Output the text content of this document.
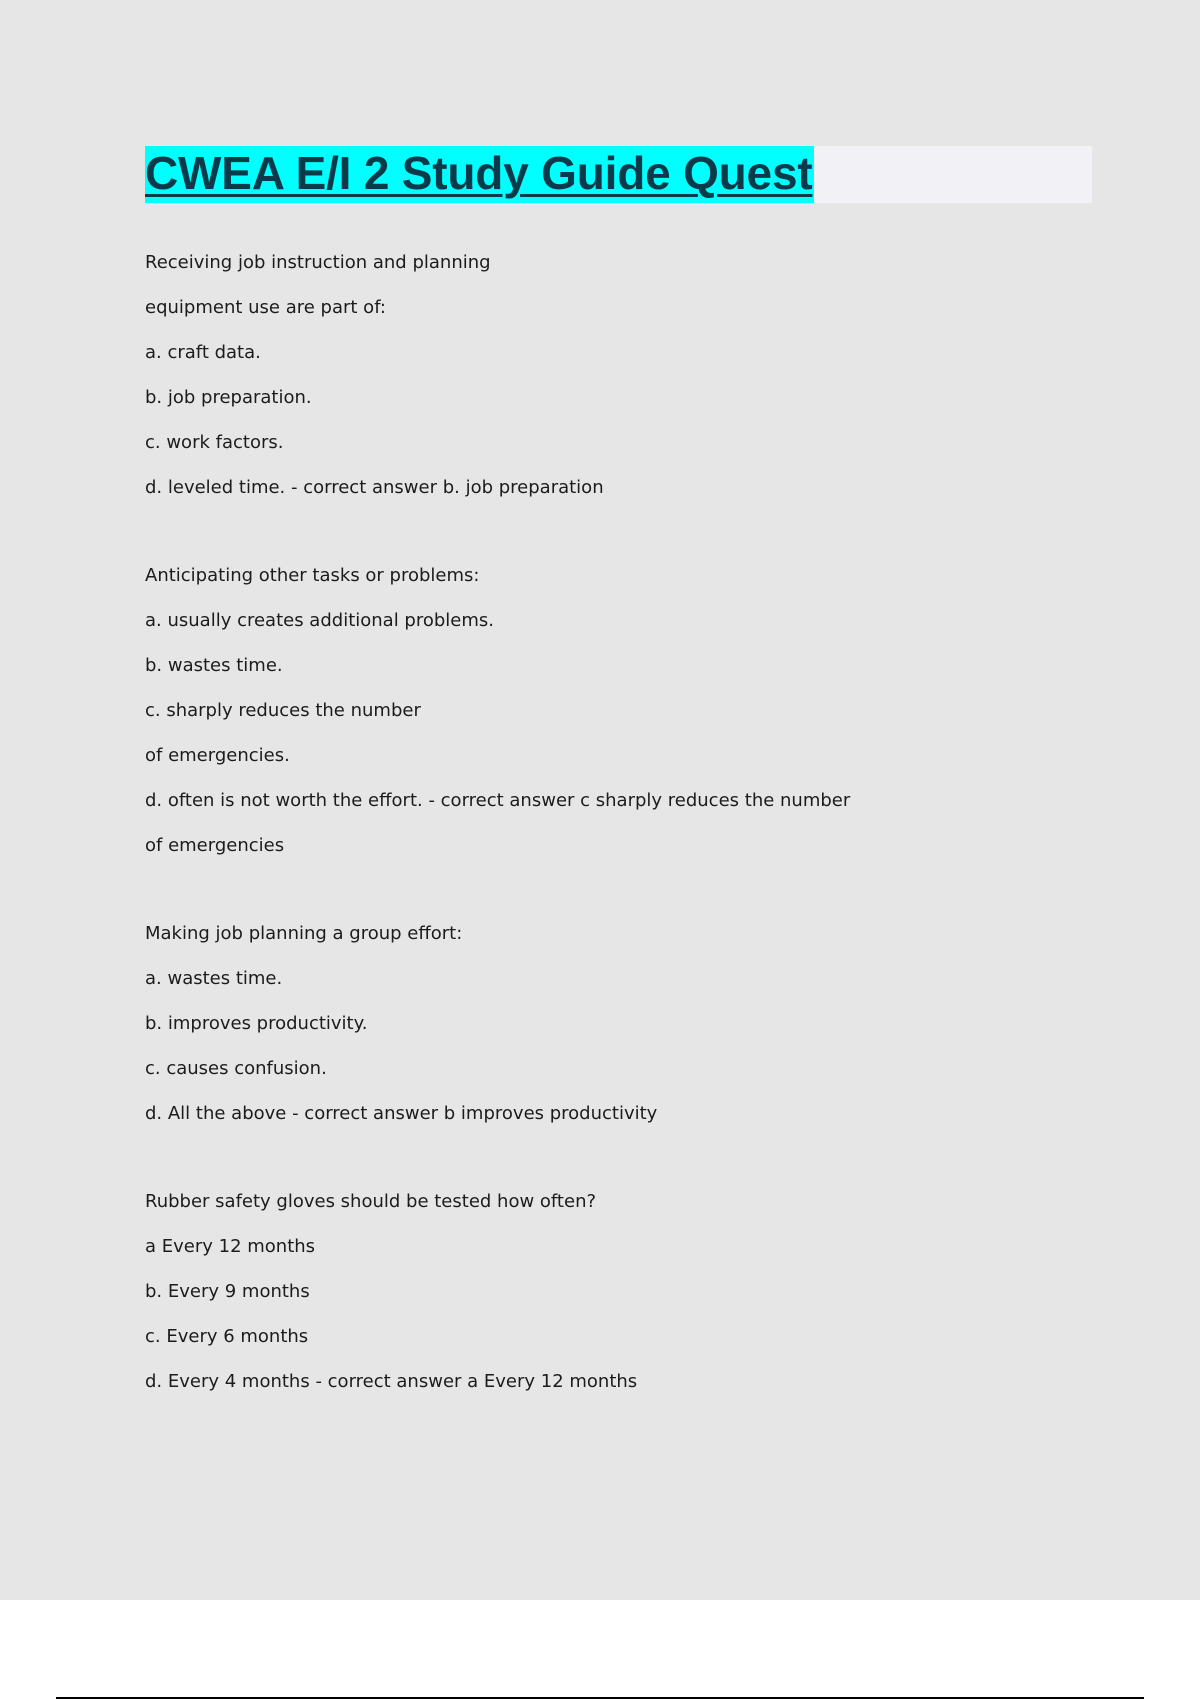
CWEA E/I 2 Study Guide Quest
Receiving job instruction and planning
equipment use are part of:
a. craft data.
b. job preparation.
c. work factors.
d. leveled time. - correct answer b. job preparation
Anticipating other tasks or problems:
a. usually creates additional problems.
b. wastes time.
c. sharply reduces the number
of emergencies.
d. often is not worth the effort. - correct answer c sharply reduces the number
of emergencies
Making job planning a group effort:
a. wastes time.
b. improves productivity.
c. causes confusion.
d. All the above - correct answer b improves productivity
Rubber safety gloves should be tested how often?
a Every 12 months
b. Every 9 months
c. Every 6 months
d. Every 4 months - correct answer a Every 12 months
